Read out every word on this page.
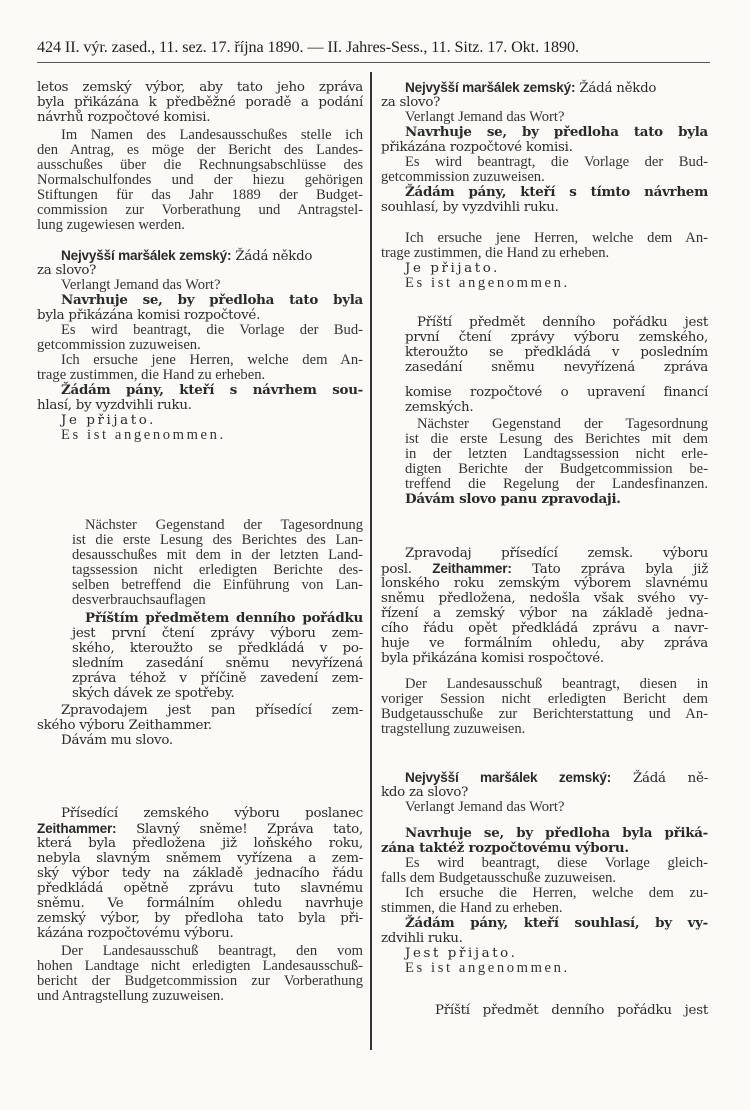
424 II. výr. zased., 11. sez. 17. října 1890. — II. Jahres-Sess., 11. Sitz. 17. Okt. 1890.
letos zemský výbor, aby tato jeho zpráva
byla přikázána k předběžné poradě a podání
návrhů rozpočtové komisi.
Im Namen des Landesausschußes stelle ich
den Antrag, es möge der Bericht des Landes-
ausschußes über die Rechnungsabschlüsse des
Normalschulfondes und der hiezu gehörigen
Stiftungen für das Jahr 1889 der Budget-
commission zur Vorberathung und Antragstel-
lung zugewiesen werden.
Nejvyšší maršálek zemský: Žádá někdo
za slovo?
Verlangt Jemand das Wort?
Navrhuje se, by předloha tato byla
byla přikázána komisi rozpočtové.
Es wird beantragt, die Vorlage der Bud-
getcommission zuzuweisen.
Ich ersuche jene Herren, welche dem An-
trage zustimmen, die Hand zu erheben.
Žádám pány, kteří s návrhem sou-
hlasí, by vyzdvihli ruku.
Je přijato.
Es ist angenommen.
Nächster Gegenstand der Tagesordnung
ist die erste Lesung des Berichtes des Lan-
desausschußes mit dem in der letzten Land-
tagssession nicht erledigten Berichte des-
selben betreffend die Einführung von Lan-
desverbrauchsauflagen
Příštím předmětem denního pořádku
jest první čtení zprávy výboru zem-
ského, kteroužto se předkládá v po-
sledním zasedání sněmu nevyřízená
zpráva téhož v příčině zavedení zem-
ských dávek ze spotřeby.
Zpravodajem jest pan přísedící zem-
ského výboru Zeithammer.
Dávám mu slovo.
Přísedící zemského výboru poslanec
Zeithammer: Slavný sněme! Zpráva tato,
která byla předložena již loňského roku,
nebyla slavným sněmem vyřízena a zem-
ský výbor tedy na základě jednacího řádu
předkládá opětně zprávu tuto slavnému
sněmu. Ve formálním ohledu navrhuje
zemský výbor, by předloha tato byla při-
kázána rozpočtovému výboru.
Der Landesausschuß beantragt, den vom
hohen Landtage nicht erledigten Landesausschuß-
bericht der Budgetcommission zur Vorberathung
und Antragstellung zuzuweisen.
Nejvyšší maršálek zemský: Žádá někdo
za slovo?
Verlangt Jemand das Wort?
Navrhuje se, by předloha tato byla
přikázána rozpočtové komisi.
Es wird beantragt, die Vorlage der Bud-
getcommission zuzuweisen.
Žádám pány, kteří s tímto návrhem
souhlasí, by vyzdvihli ruku.
Ich ersuche jene Herren, welche dem An-
trage zustimmen, die Hand zu erheben.
Je přijato.
Es ist angenommen.
Příští předmět denního pořádku jest
první čtení zprávy výboru zemského,
kteroužto se předkládá v posledním
zasedání sněmu nevyřízená zpráva
komise rozpočtové o upravení financí
zemských.
Nächster Gegenstand der Tagesordnung
ist die erste Lesung des Berichtes mit dem
in der letzten Landtagssession nicht erle-
digten Berichte der Budgetcommission be-
treffend die Regelung der Landesfinanzen.
Dávám slovo panu zpravodaji.
Zpravodaj přísedící zemsk. výboru
posl. Zeithammer: Tato zpráva byla již
lonského roku zemským výborem slavnému
sněmu předložena, nedošla však svého vy-
řízení a zemský výbor na základě jedna-
cího řádu opět předkládá zprávu a navr-
huje ve formálním ohledu, aby zpráva
byla přikázána komisi rospočtové.
Der Landesausschuß beantragt, diesen in
voriger Session nicht erledigten Bericht dem
Budgetausschuße zur Berichterstattung und An-
tragstellung zuzuweisen.
Nejvyšší maršálek zemský: Žádá ně-
kdo za slovo?
Verlangt Jemand das Wort?
Navrhuje se, by předloha byla přiká-
zána taktéž rozpočtovému výboru.
Es wird beantragt, diese Vorlage gleich-
falls dem Budgetausschuße zuzuweisen.
Ich ersuche die Herren, welche dem zu-
stimmen, die Hand zu erheben.
Žádám pány, kteří souhlasí, by vy-
zdvihli ruku.
Jest přijato.
Es ist angenommen.
Příští předmět denního pořádku jest
